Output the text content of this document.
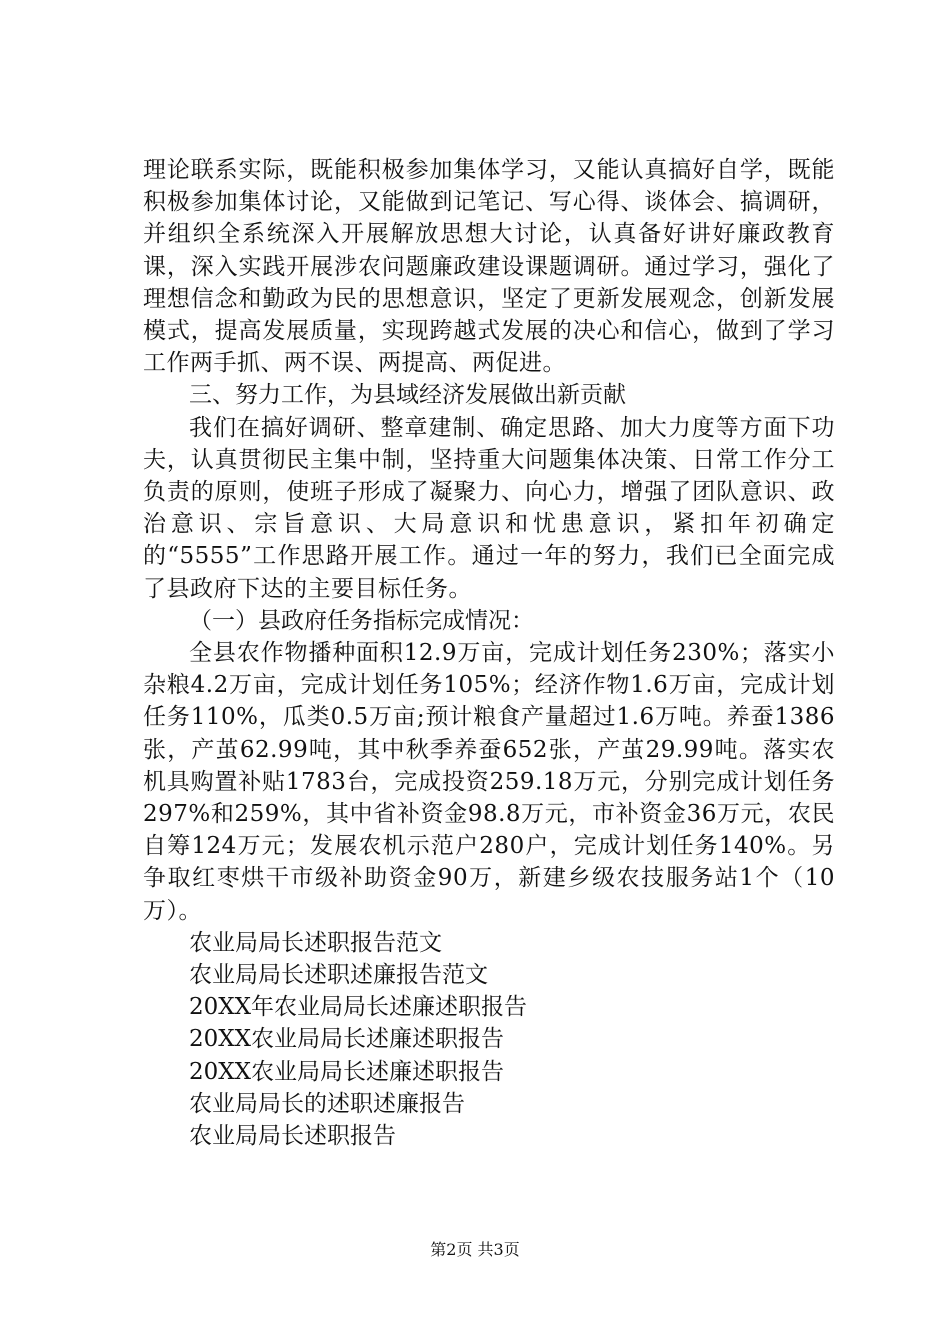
理论联系实际，既能积极参加集体学习，又能认真搞好自学，既能积极参加集体讨论，又能做到记笔记、写心得、谈体会、搞调研，并组织全系统深入开展解放思想大讨论，认真备好讲好廉政教育课，深入实践开展涉农问题廉政建设课题调研。通过学习，强化了理想信念和勤政为民的思想意识，坚定了更新发展观念，创新发展模式，提高发展质量，实现跨越式发展的决心和信心，做到了学习工作两手抓、两不误、两提高、两促进。

三、努力工作，为县域经济发展做出新贡献

我们在搞好调研、整章建制、确定思路、加大力度等方面下功夫，认真贯彻民主集中制，坚持重大问题集体决策、日常工作分工负责的原则，使班子形成了凝聚力、向心力，增强了团队意识、政治意识、宗旨意识、大局意识和忧患意识，紧扣年初确定的“5555”工作思路开展工作。通过一年的努力，我们已全面完成了县政府下达的主要目标任务。

（一）县政府任务指标完成情况：

全县农作物播种面积12.9万亩，完成计划任务230%；落实小杂粮4.2万亩，完成计划任务105%；经济作物1.6万亩，完成计划任务110%，瓜类0.5万亩;预计粮食产量超过1.6万吨。养蚕1386张，产茧62.99吨，其中秋季养蚕652张，产茧29.99吨。落实农机具购置补贴1783台，完成投资259.18万元，分别完成计划任务297%和259%，其中省补资金98.8万元，市补资金36万元，农民自筹124万元；发展农机示范户280户，完成计划任务140%。另争取红枣烘干市级补助资金90万，新建乡级农技服务站1个（10万）。

农业局局长述职报告范文
农业局局长述职述廉报告范文
20XX年农业局局长述廉述职报告
20XX农业局局长述廉述职报告
20XX农业局局长述廉述职报告
农业局局长的述职述廉报告
农业局局长述职报告
第2页 共3页
